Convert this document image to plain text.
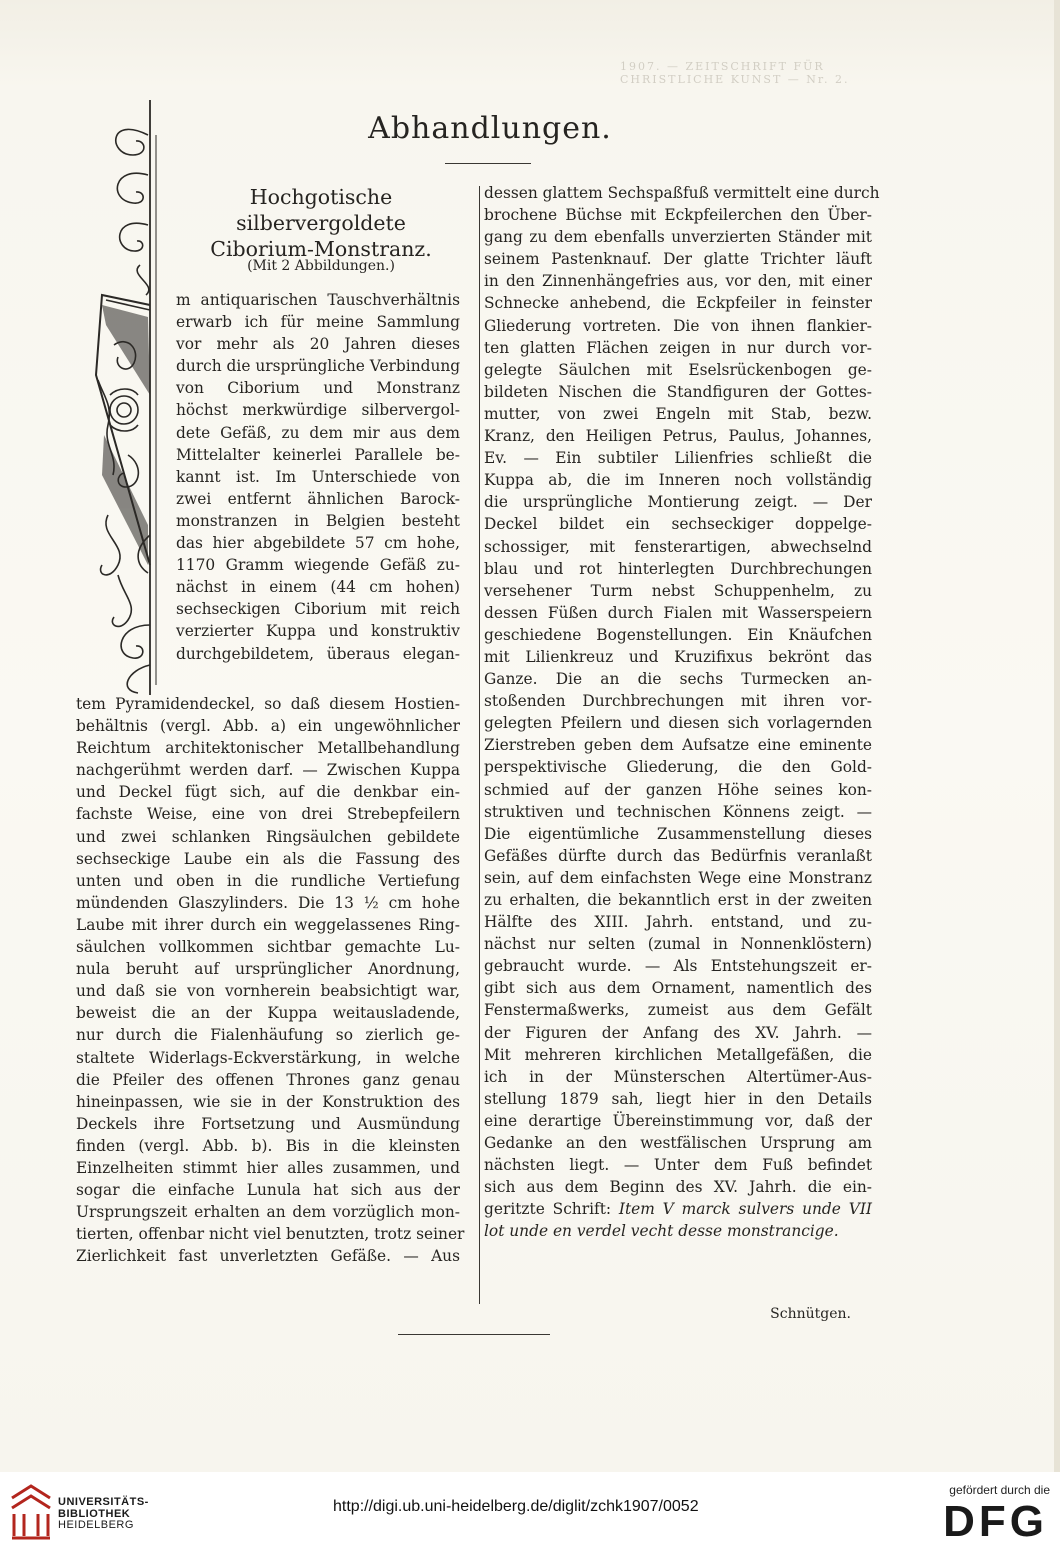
1907. — ZEITSCHRIFT FÜR CHRISTLICHE KUNST — Nr. 2.
Abhandlungen.
Hochgotische silbervergoldete
Ciborium-Monstranz.
(Mit 2 Abbildungen.)
m antiquarischen Tauschverhältnis
erwarb ich für meine Sammlung
vor mehr als 20 Jahren dieses
durch die ursprüngliche Verbindung
von Ciborium und Monstranz
höchst merkwürdige silbervergol-
dete Gefäß, zu dem mir aus dem
Mittelalter keinerlei Parallele be-
kannt ist. Im Unterschiede von
zwei entfernt ähnlichen Barock-
monstranzen in Belgien besteht
das hier abgebildete 57 cm hohe,
1170 Gramm wiegende Gefäß zu-
nächst in einem (44 cm hohen)
sechseckigen Ciborium mit reich
verzierter Kuppa und konstruktiv
durchgebildetem, überaus elegan-
tem Pyramidendeckel, so daß diesem Hostien-
behältnis (vergl. Abb. a) ein ungewöhnlicher
Reichtum architektonischer Metallbehandlung
nachgerühmt werden darf. — Zwischen Kuppa
und Deckel fügt sich, auf die denkbar ein-
fachste Weise, eine von drei Strebepfeilern
und zwei schlanken Ringsäulchen gebildete
sechseckige Laube ein als die Fassung des
unten und oben in die rundliche Vertiefung
mündenden Glaszylinders. Die 13 ½ cm hohe
Laube mit ihrer durch ein weggelassenes Ring-
säulchen vollkommen sichtbar gemachte Lu-
nula beruht auf ursprünglicher Anordnung,
und daß sie von vornherein beabsichtigt war,
beweist die an der Kuppa weitausladende,
nur durch die Fialenhäufung so zierlich ge-
staltete Widerlags-Eckverstärkung, in welche
die Pfeiler des offenen Thrones ganz genau
hineinpassen, wie sie in der Konstruktion des
Deckels ihre Fortsetzung und Ausmündung
finden (vergl. Abb. b). Bis in die kleinsten
Einzelheiten stimmt hier alles zusammen, und
sogar die einfache Lunula hat sich aus der
Ursprungszeit erhalten an dem vorzüglich mon-
tierten, offenbar nicht viel benutzten, trotz seiner
Zierlichkeit fast unverletzten Gefäße. — Aus
dessen glattem Sechspaßfuß vermittelt eine durch
brochene Büchse mit Eckpfeilerchen den Über-
gang zu dem ebenfalls unverzierten Ständer mit
seinem Pastenknauf. Der glatte Trichter läuft
in den Zinnenhängefries aus, vor den, mit einer
Schnecke anhebend, die Eckpfeiler in feinster
Gliederung vortreten. Die von ihnen flankier-
ten glatten Flächen zeigen in nur durch vor-
gelegte Säulchen mit Eselsrückenbogen ge-
bildeten Nischen die Standfiguren der Gottes-
mutter, von zwei Engeln mit Stab, bezw.
Kranz, den Heiligen Petrus, Paulus, Johannes,
Ev. — Ein subtiler Lilienfries schließt die
Kuppa ab, die im Inneren noch vollständig
die ursprüngliche Montierung zeigt. — Der
Deckel bildet ein sechseckiger doppelge-
schossiger, mit fensterartigen, abwechselnd
blau und rot hinterlegten Durchbrechungen
versehener Turm nebst Schuppenhelm, zu
dessen Füßen durch Fialen mit Wasserspeiern
geschiedene Bogenstellungen. Ein Knäufchen
mit Lilienkreuz und Kruzifixus bekrönt das
Ganze. Die an die sechs Turmecken an-
stoßenden Durchbrechungen mit ihren vor-
gelegten Pfeilern und diesen sich vorlagernden
Zierstreben geben dem Aufsatze eine eminente
perspektivische Gliederung, die den Gold-
schmied auf der ganzen Höhe seines kon-
struktiven und technischen Könnens zeigt. —
Die eigentümliche Zusammenstellung dieses
Gefäßes dürfte durch das Bedürfnis veranlaßt
sein, auf dem einfachsten Wege eine Monstranz
zu erhalten, die bekanntlich erst in der zweiten
Hälfte des XIII. Jahrh. entstand, und zu-
nächst nur selten (zumal in Nonnenklöstern)
gebraucht wurde. — Als Entstehungszeit er-
gibt sich aus dem Ornament, namentlich des
Fenstermaßwerks, zumeist aus dem Gefält
der Figuren der Anfang des XV. Jahrh. —
Mit mehreren kirchlichen Metallgefäßen, die
ich in der Münsterschen Altertümer-Aus-
stellung 1879 sah, liegt hier in den Details
eine derartige Übereinstimmung vor, daß der
Gedanke an den westfälischen Ursprung am
nächsten liegt. — Unter dem Fuß befindet
sich aus dem Beginn des XV. Jahrh. die ein-
geritzte Schrift: Item V marck sulvers unde VII
lot unde en verdel vecht desse monstrancige.
Schnütgen.
UNIVERSITÄTS-
BIBLIOTHEK
HEIDELBERG
http://digi.ub.uni-heidelberg.de/diglit/zchk1907/0052
gefördert durch die
DFG
